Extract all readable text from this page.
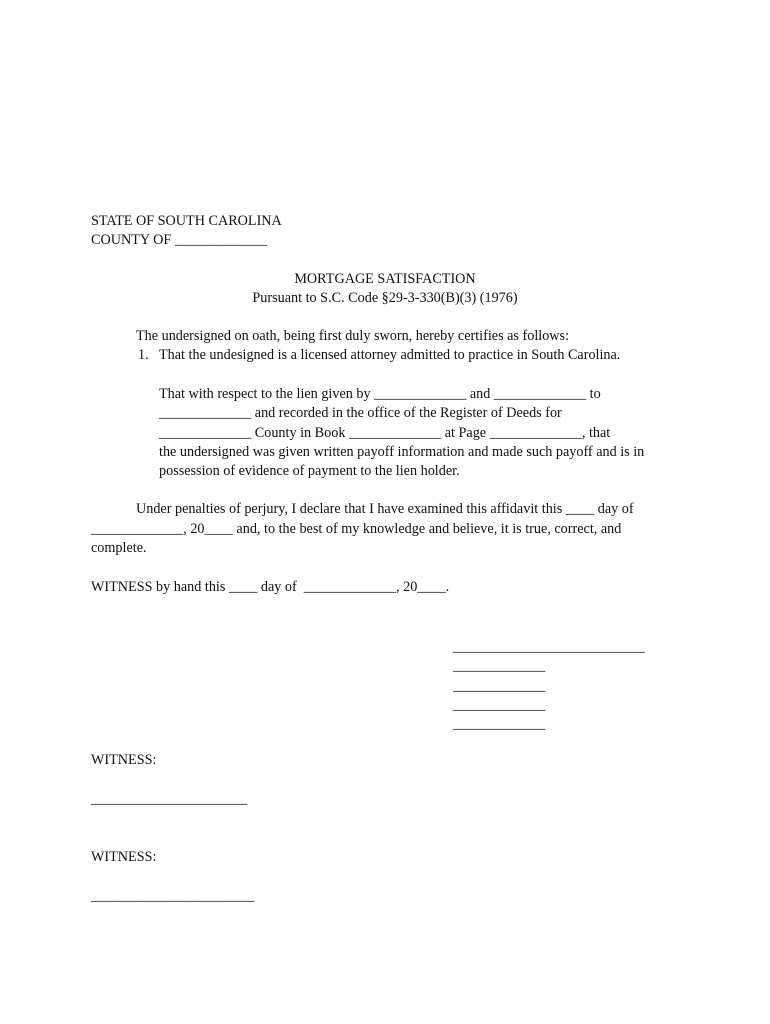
STATE OF SOUTH CAROLINA
COUNTY OF _____________
MORTGAGE SATISFACTION
Pursuant to S.C. Code §29-3-330(B)(3) (1976)
The undersigned on oath, being first duly sworn, hereby certifies as follows:
1. That the undesigned is a licensed attorney admitted to practice in South Carolina.
That with respect to the lien given by _____________ and _____________ to
_____________ and recorded in the office of the Register of Deeds for
_____________ County in Book _____________ at Page _____________, that
the undersigned was given written payoff information and made such payoff and is in
possession of evidence of payment to the lien holder.
Under penalties of perjury, I declare that I have examined this affidavit this ____ day of
_____________, 20____ and, to the best of my knowledge and believe, it is true, correct, and
complete.
WITNESS by hand this ____ day of  _____________, 20____.
___________________________
_____________
_____________
_____________
_____________
WITNESS:
______________________
WITNESS:
_______________________
